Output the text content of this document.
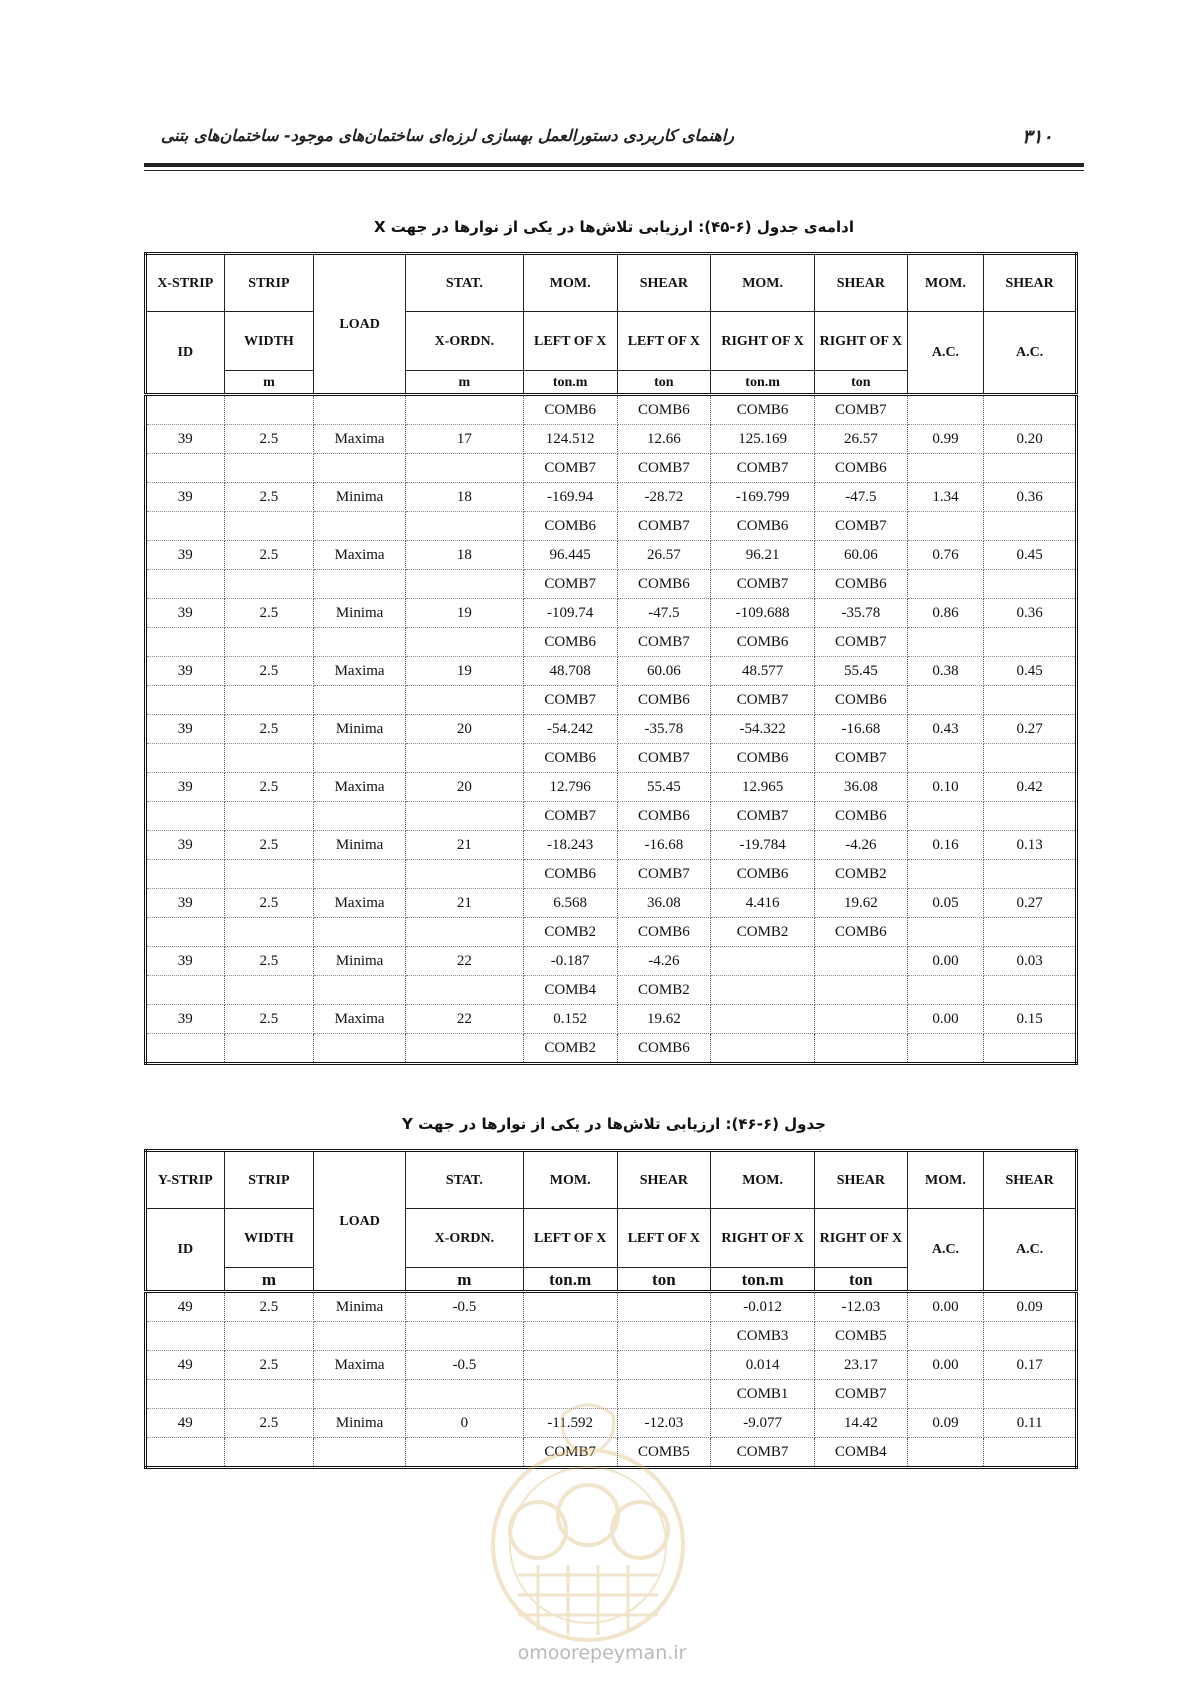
۳۱۰
راهنمای کاربردی دستورالعمل بهسازی لرزه‌ای ساختمان‌های موجود- ساختمان‌های بتنی
ادامه‌ی جدول (۶-۴۵): ارزیابی تلاش‌ها در یکی از نوارها در جهت X
X-STRIP	STRIP	LOAD	STAT.	MOM.	SHEAR	MOM.	SHEAR	MOM.	SHEAR
ID	WIDTH		X-ORDN.	LEFT OF X	LEFT OF X	RIGHT OF X	RIGHT OF X	A.C.	A.C.
	m		m	ton.m	ton	ton.m	ton		
				COMB6	COMB6	COMB6	COMB7		
39	2.5	Maxima	17	124.512	12.66	125.169	26.57	0.99	0.20
				COMB7	COMB7	COMB7	COMB6		
39	2.5	Minima	18	-169.94	-28.72	-169.799	-47.5	1.34	0.36
				COMB6	COMB7	COMB6	COMB7		
39	2.5	Maxima	18	96.445	26.57	96.21	60.06	0.76	0.45
				COMB7	COMB6	COMB7	COMB6		
39	2.5	Minima	19	-109.74	-47.5	-109.688	-35.78	0.86	0.36
				COMB6	COMB7	COMB6	COMB7		
39	2.5	Maxima	19	48.708	60.06	48.577	55.45	0.38	0.45
				COMB7	COMB6	COMB7	COMB6		
39	2.5	Minima	20	-54.242	-35.78	-54.322	-16.68	0.43	0.27
				COMB6	COMB7	COMB6	COMB7		
39	2.5	Maxima	20	12.796	55.45	12.965	36.08	0.10	0.42
				COMB7	COMB6	COMB7	COMB6		
39	2.5	Minima	21	-18.243	-16.68	-19.784	-4.26	0.16	0.13
				COMB6	COMB7	COMB6	COMB2		
39	2.5	Maxima	21	6.568	36.08	4.416	19.62	0.05	0.27
				COMB2	COMB6	COMB2	COMB6		
39	2.5	Minima	22	-0.187	-4.26			0.00	0.03
				COMB4	COMB2				
39	2.5	Maxima	22	0.152	19.62			0.00	0.15
				COMB2	COMB6				
جدول (۶-۴۶): ارزیابی تلاش‌ها در یکی از نوارها در جهت Y
Y-STRIP	STRIP	LOAD	STAT.	MOM.	SHEAR	MOM.	SHEAR	MOM.	SHEAR
ID	WIDTH		X-ORDN.	LEFT OF X	LEFT OF X	RIGHT OF X	RIGHT OF X	A.C.	A.C.
	m		m	ton.m	ton	ton.m	ton		
49	2.5	Minima	-0.5			-0.012	-12.03	0.00	0.09
						COMB3	COMB5		
49	2.5	Maxima	-0.5			0.014	23.17	0.00	0.17
						COMB1	COMB7		
49	2.5	Minima	0	-11.592	-12.03	-9.077	14.42	0.09	0.11
				COMB7	COMB5	COMB7	COMB4		
omoorepeyman.ir
